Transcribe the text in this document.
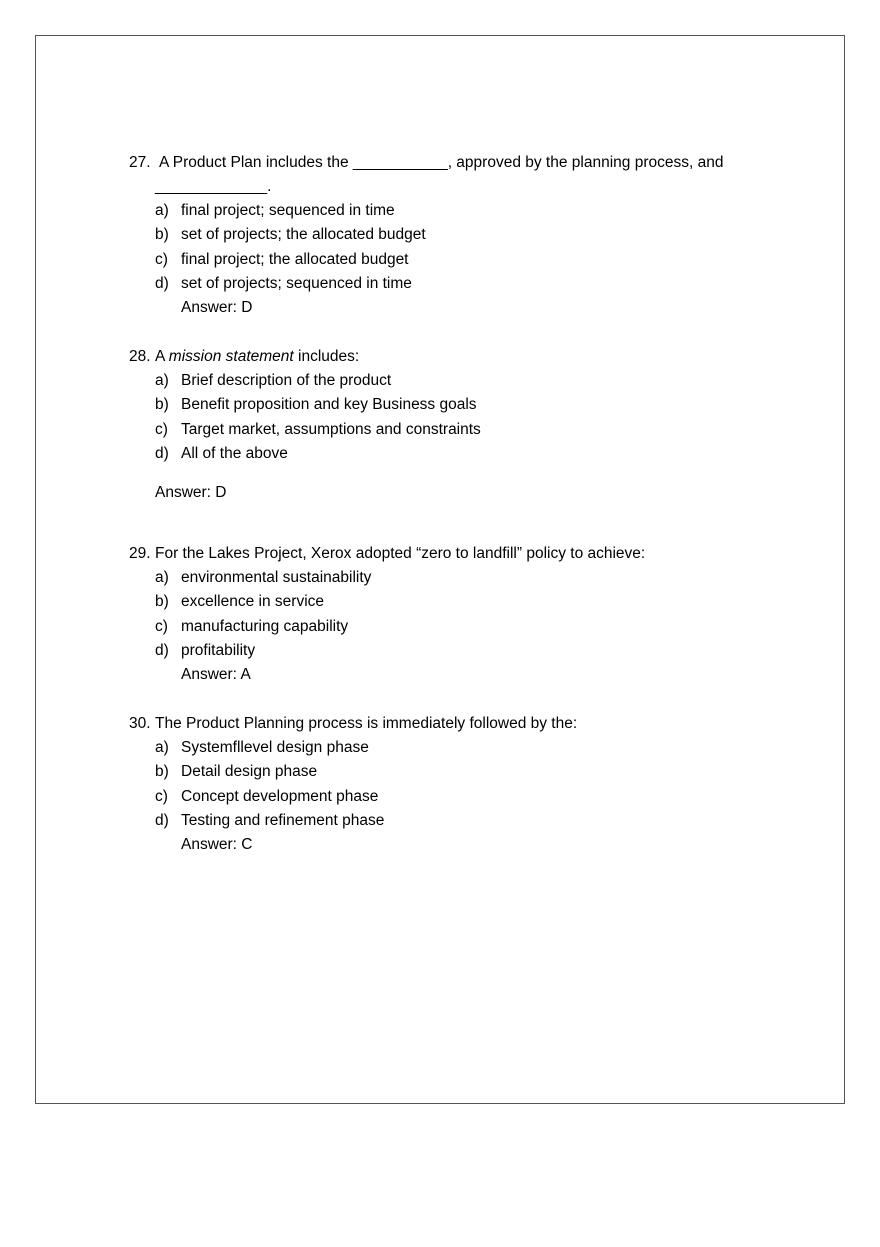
27. A Product Plan includes the ___________, approved by the planning process, and
_____________.
a) final project; sequenced in time
b) set of projects; the allocated budget
c) final project; the allocated budget
d) set of projects; sequenced in time
Answer: D
28. A mission statement includes:
a) Brief description of the product
b) Benefit proposition and key Business goals
c) Target market, assumptions and constraints
d) All of the above
Answer: D
29. For the Lakes Project, Xerox adopted “zero to landfill” policy to achieve:
a) environmental sustainability
b) excellence in service
c) manufacturing capability
d) profitability
Answer: A
30. The Product Planning process is immediately followed by the:
a) Systemfllevel design phase
b) Detail design phase
c) Concept development phase
d) Testing and refinement phase
Answer: C
